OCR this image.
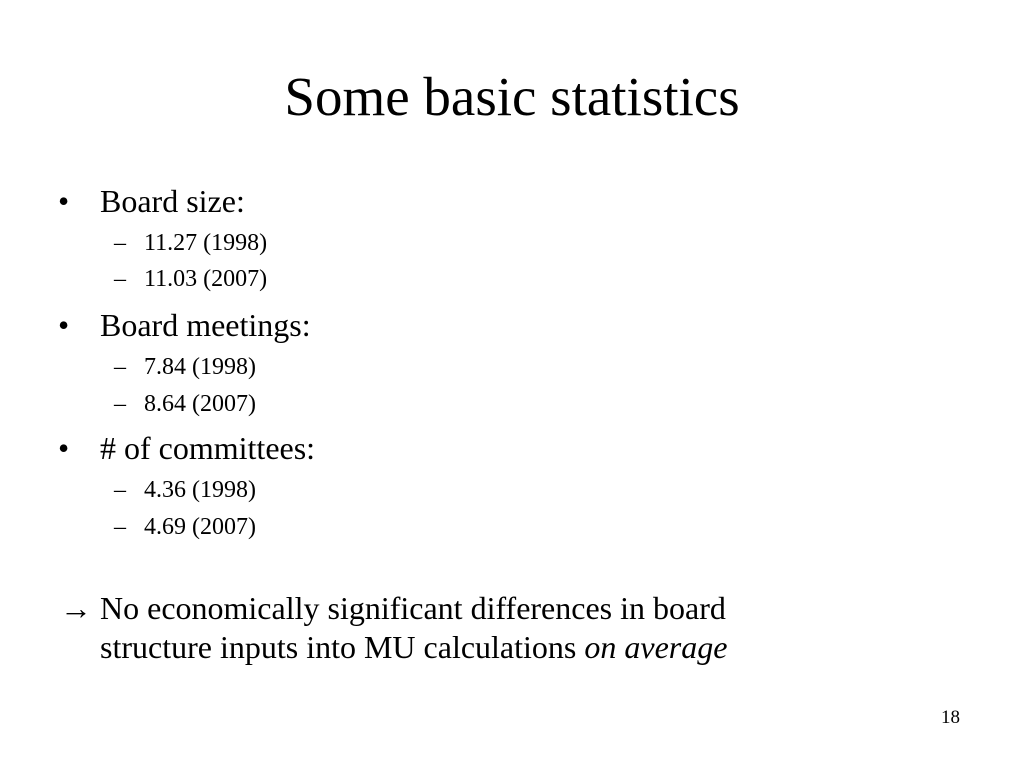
Some basic statistics
• Board size:
– 11.27 (1998)
– 11.03 (2007)
• Board meetings:
– 7.84 (1998)
– 8.64 (2007)
• # of committees:
– 4.36 (1998)
– 4.69 (2007)
→ No economically significant differences in board
structure inputs into MU calculations on average
18
